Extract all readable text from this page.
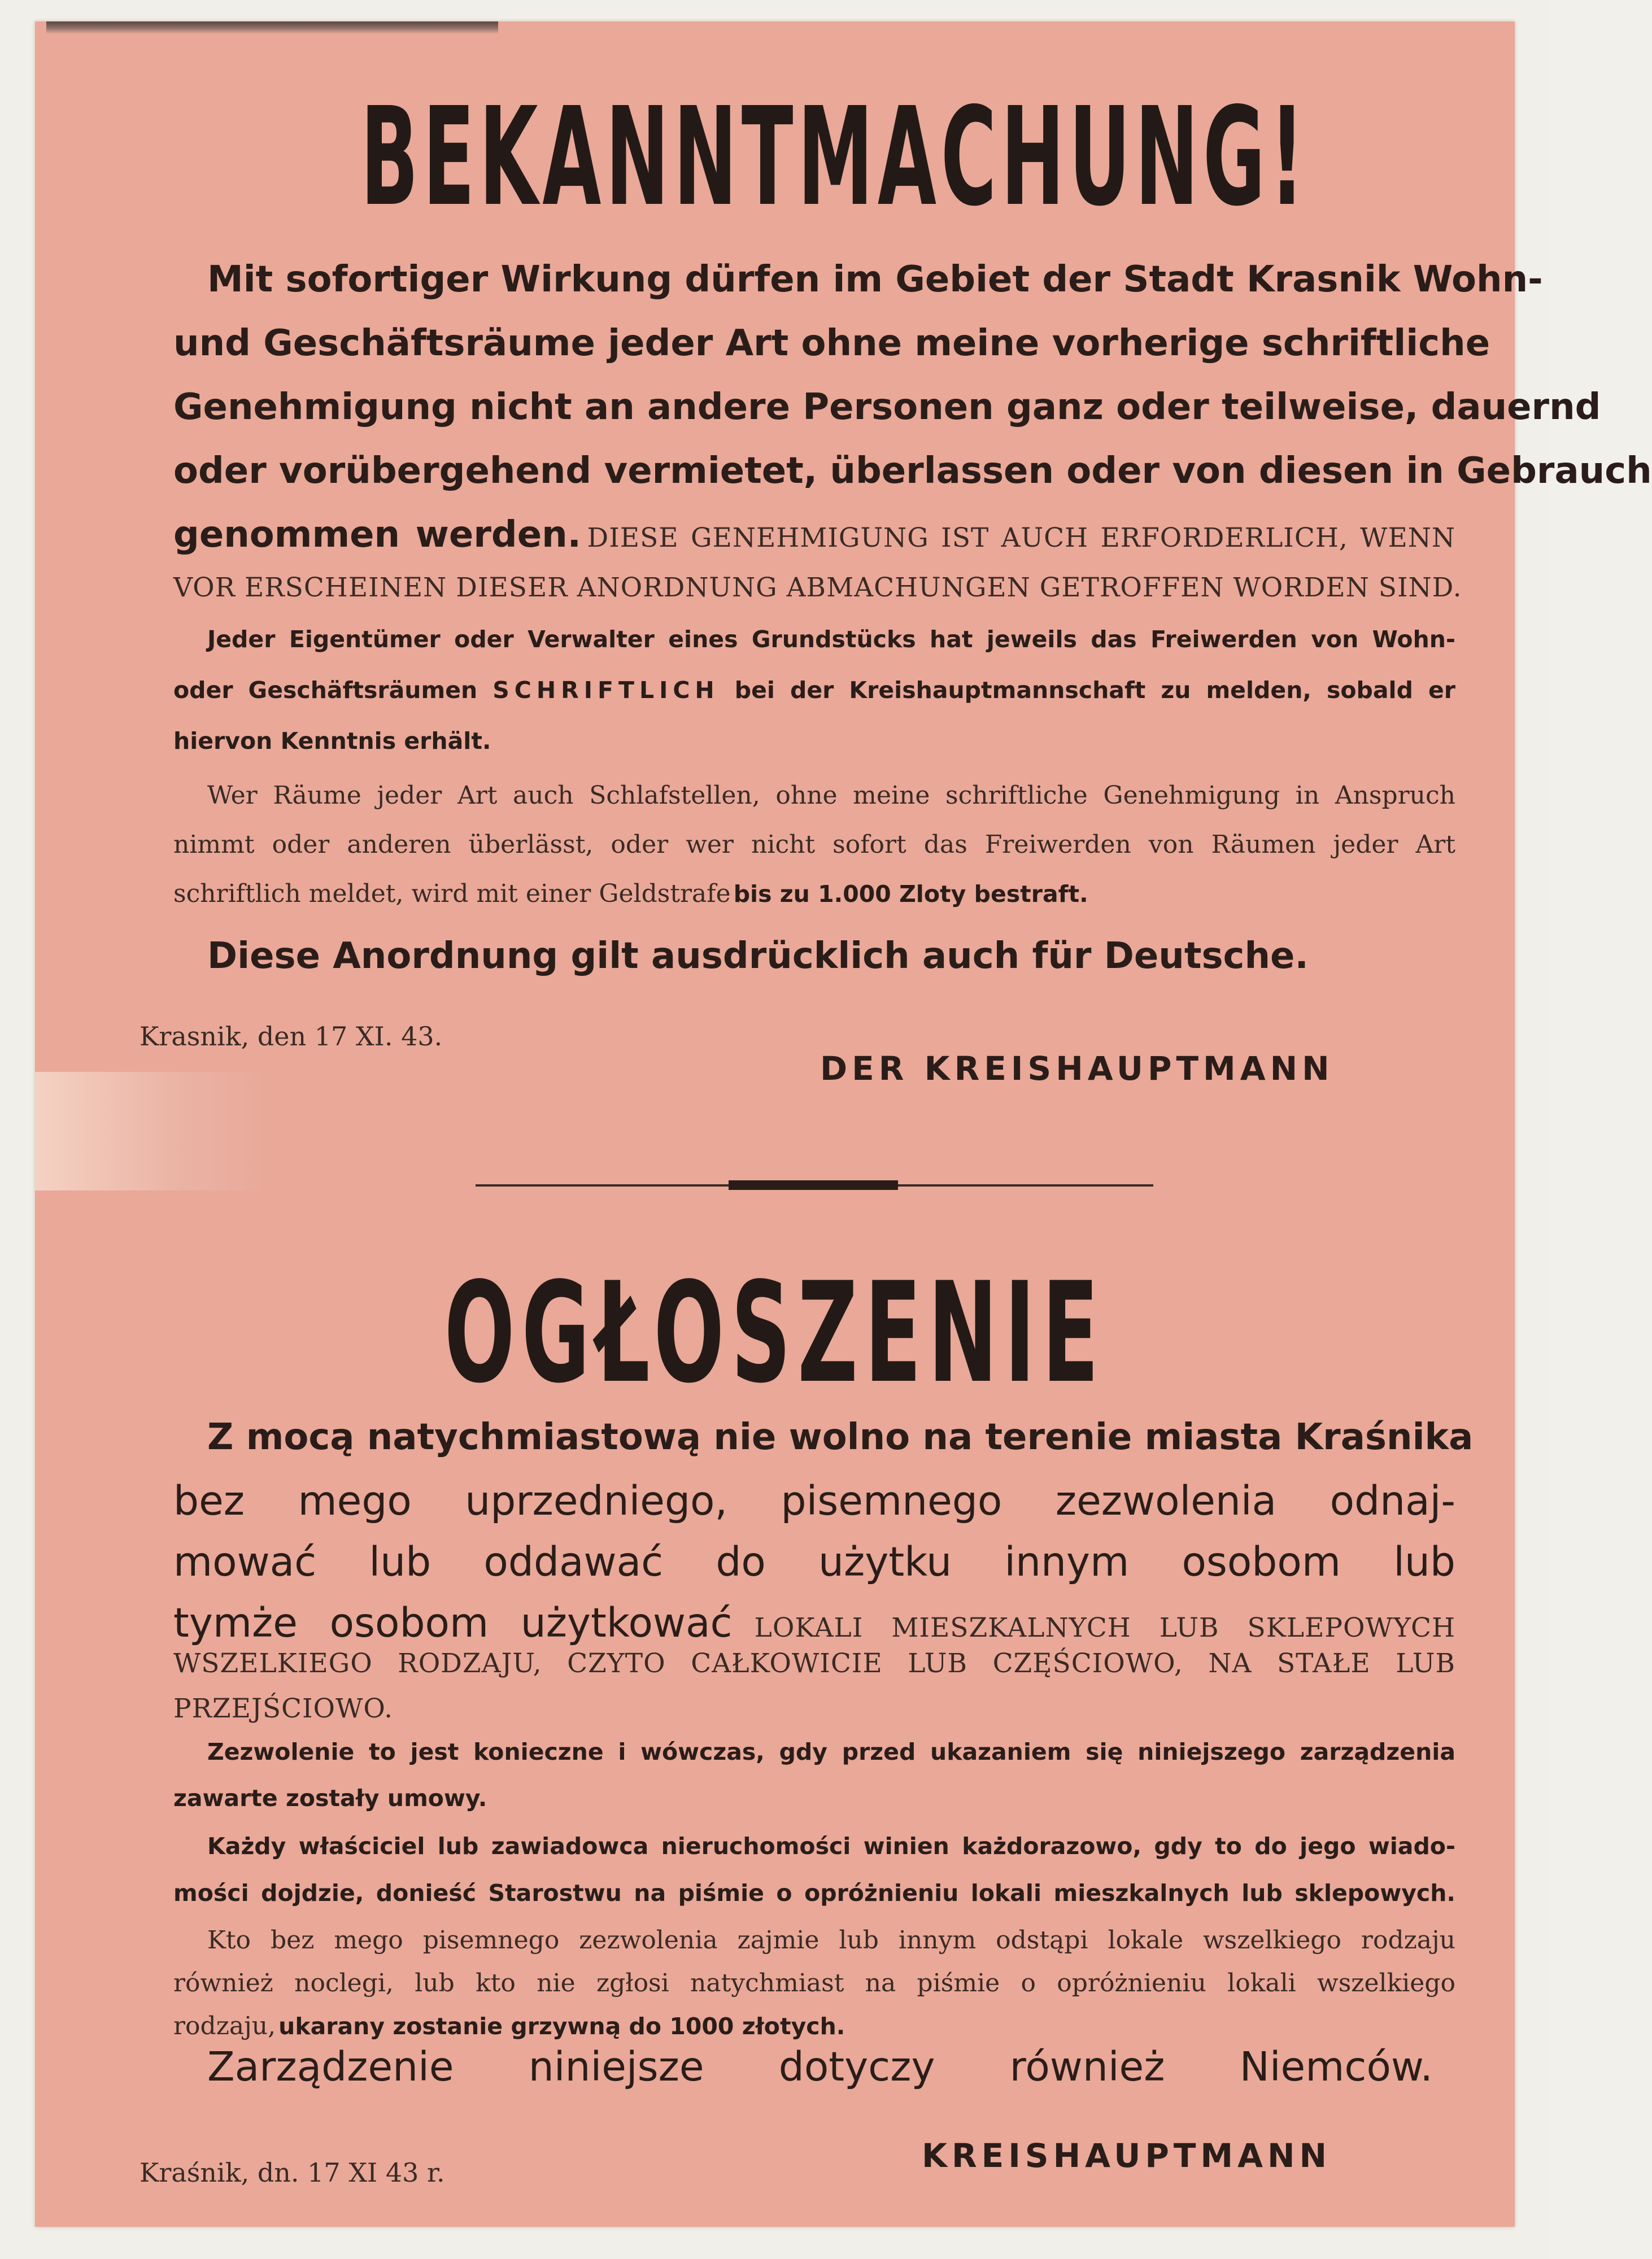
BEKANNTMACHUNG!
Mit sofortiger Wirkung dürfen im Gebiet der Stadt Krasnik Wohn-
und Geschäftsräume jeder Art ohne meine vorherige schriftliche
Genehmigung nicht an andere Personen ganz oder teilweise, dauernd
oder vorübergehend vermietet, überlassen oder von diesen in Gebrauch
genommen werden. DIESE GENEHMIGUNG IST AUCH ERFORDERLICH, WENN
VOR ERSCHEINEN DIESER ANORDNUNG ABMACHUNGEN GETROFFEN WORDEN SIND.
Jeder Eigentümer oder Verwalter eines Grundstücks hat jeweils das Freiwerden von Wohn-
oder Geschäftsräumen SCHRIFTLICH bei der Kreishauptmannschaft zu melden, sobald er
hiervon Kenntnis erhält.
Wer Räume jeder Art auch Schlafstellen, ohne meine schriftliche Genehmigung in Anspruch
nimmt oder anderen überlässt, oder wer nicht sofort das Freiwerden von Räumen jeder Art
schriftlich meldet, wird mit einer Geldstrafe bis zu 1.000 Zloty bestraft.
Diese Anordnung gilt ausdrücklich auch für Deutsche.
Krasnik, den 17 XI. 43.
DER KREISHAUPTMANN
OGŁOSZENIE
Z mocą natychmiastową nie wolno na terenie miasta Kraśnika
bez mego uprzedniego, pisemnego zezwolenia odnaj-
mować lub oddawać do użytku innym osobom lub
tymże osobom użytkować LOKALI MIESZKALNYCH LUB SKLEPOWYCH
WSZELKIEGO RODZAJU, CZYTO CAŁKOWICIE LUB CZĘŚCIOWO, NA STAŁE LUB
PRZEJŚCIOWO.
Zezwolenie to jest konieczne i wówczas, gdy przed ukazaniem się niniejszego zarządzenia
zawarte zostały umowy.
Każdy właściciel lub zawiadowca nieruchomości winien każdorazowo, gdy to do jego wiado-
mości dojdzie, donieść Starostwu na piśmie o opróżnieniu lokali mieszkalnych lub sklepowych.
Kto bez mego pisemnego zezwolenia zajmie lub innym odstąpi lokale wszelkiego rodzaju
również noclegi, lub kto nie zgłosi natychmiast na piśmie o opróżnieniu lokali wszelkiego
rodzaju, ukarany zostanie grzywną do 1000 złotych.
Zarządzenie niniejsze dotyczy również Niemców.
Kraśnik, dn. 17 XI 43 r.	KREISHAUPTMANN
